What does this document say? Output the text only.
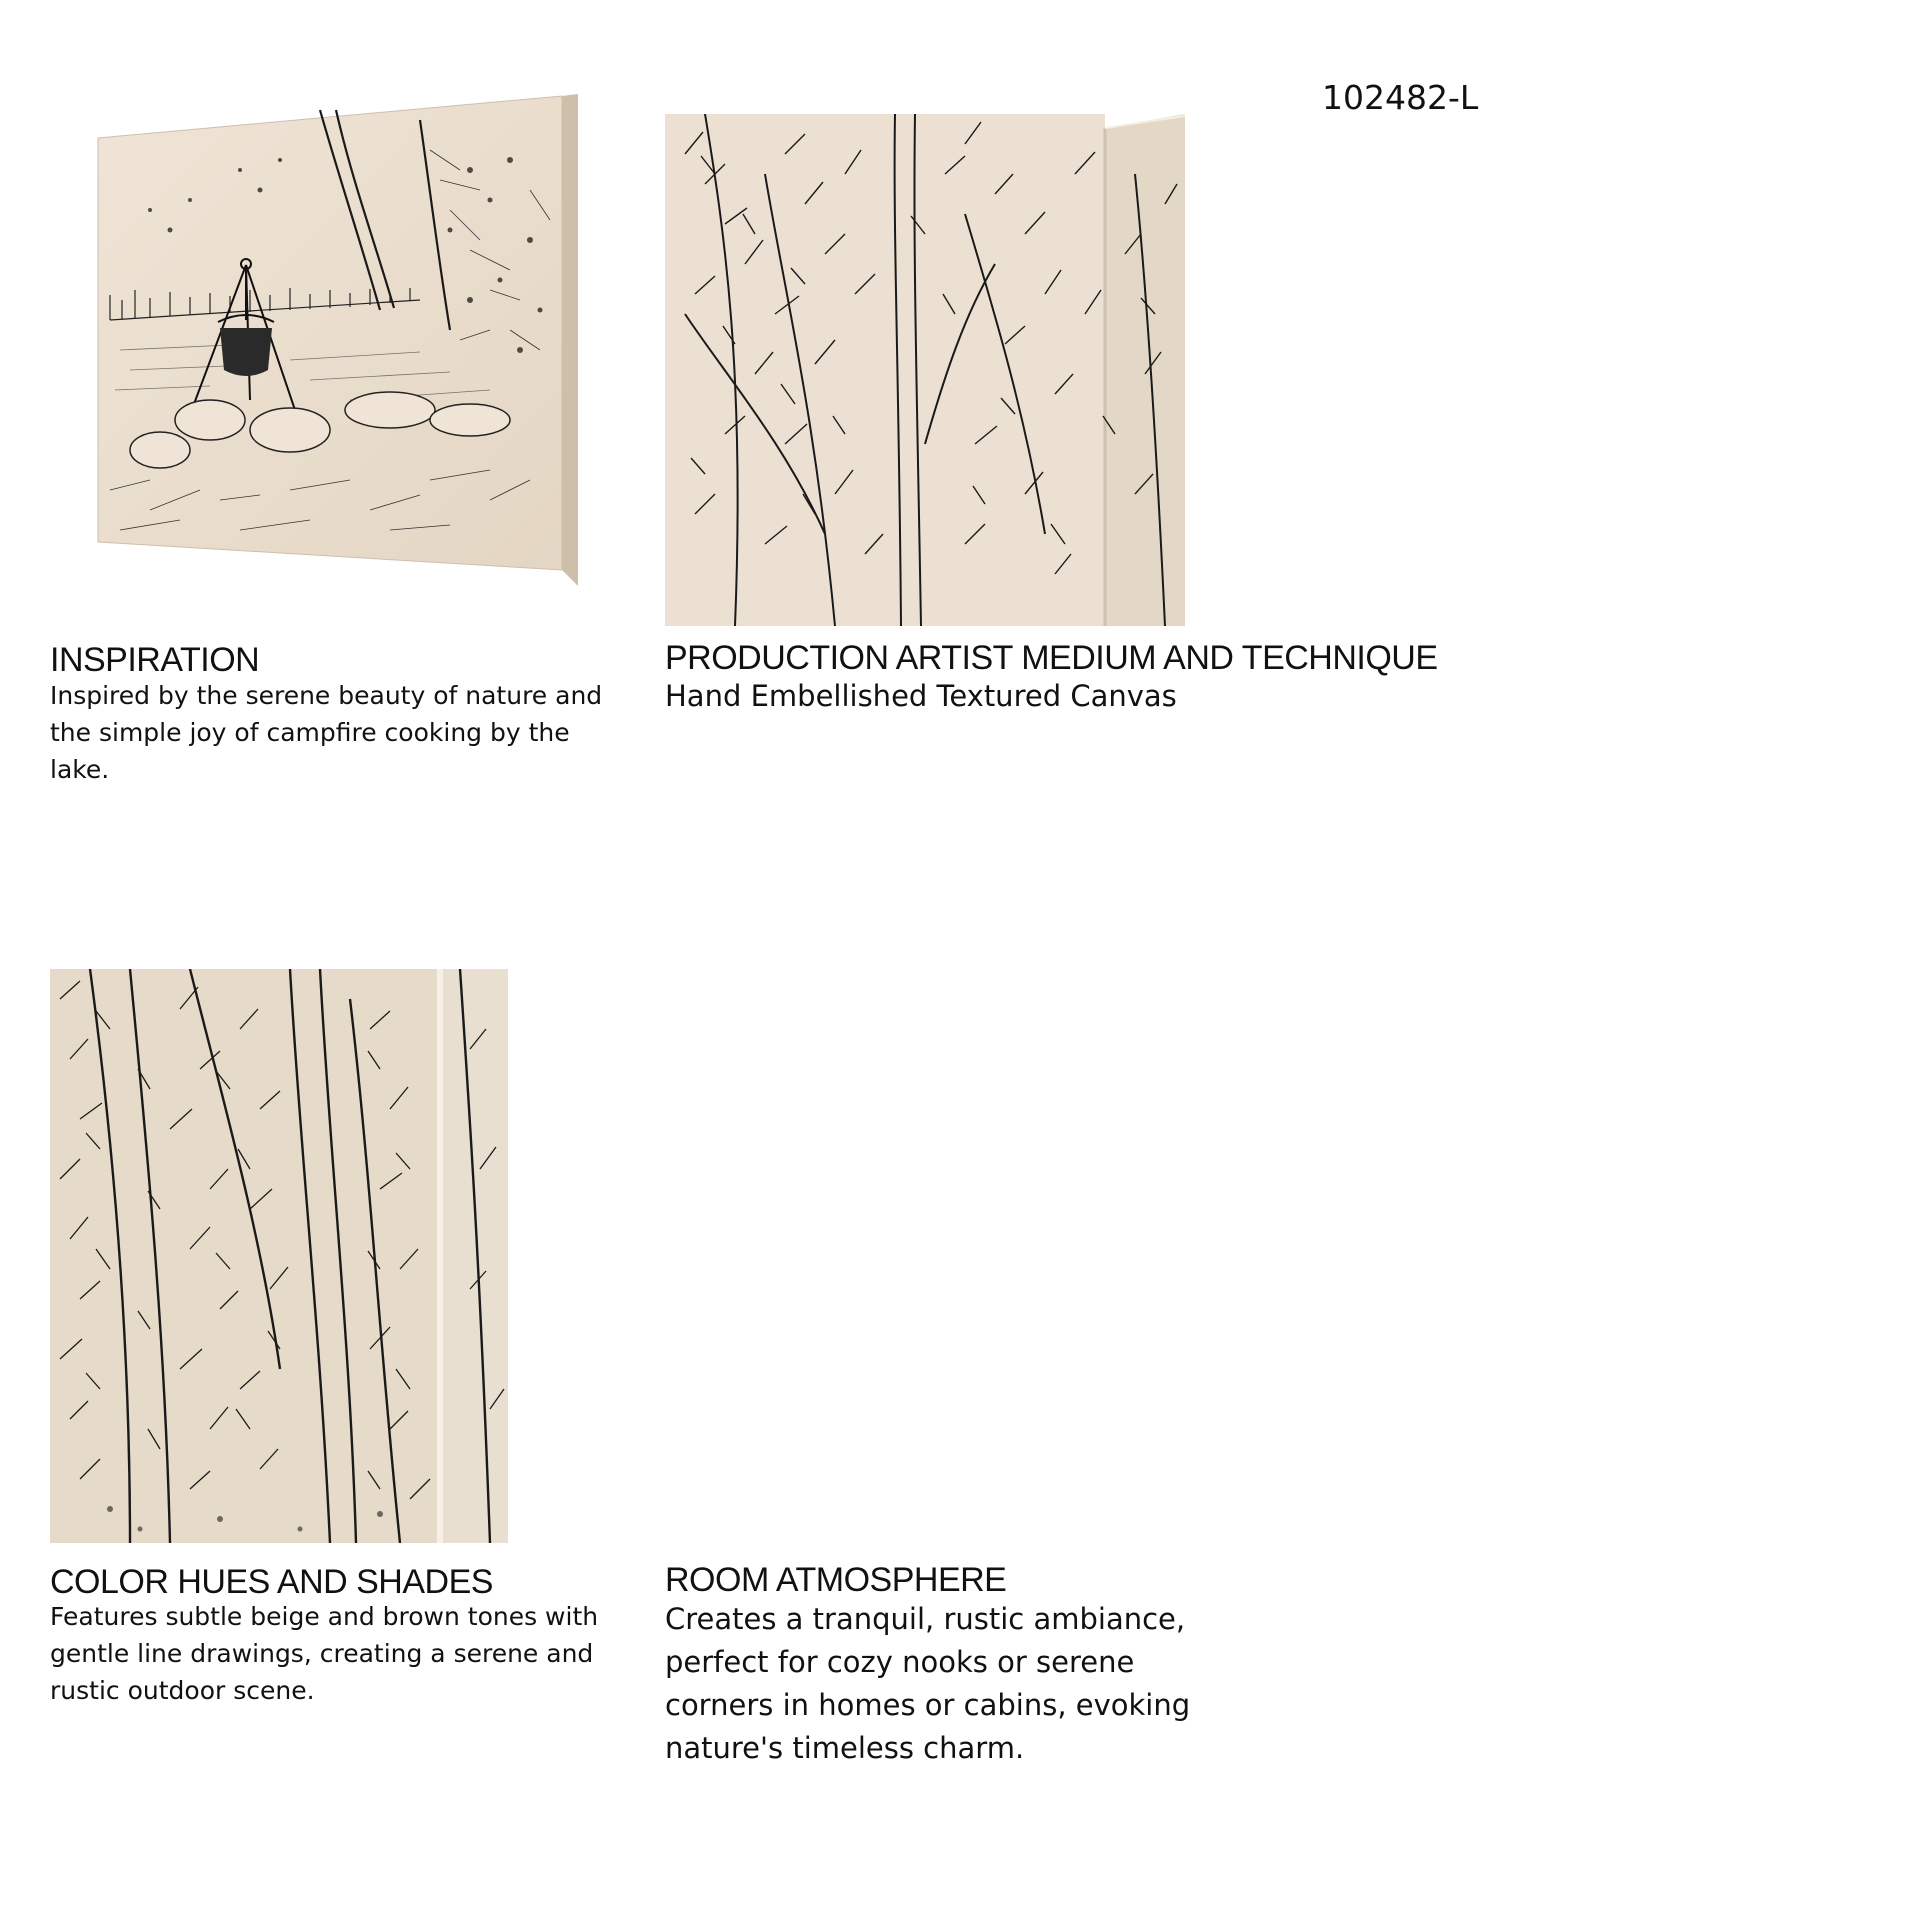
102482-L
INSPIRATION
Inspired by the serene beauty of nature and the simple joy of campfire cooking by the lake.
PRODUCTION ARTIST MEDIUM AND TECHNIQUE
Hand Embellished Textured Canvas
COLOR HUES AND SHADES
Features subtle beige and brown tones with gentle line drawings, creating a serene and rustic outdoor scene.
ROOM ATMOSPHERE
Creates a tranquil, rustic ambiance, perfect for cozy nooks or serene corners in homes or cabins, evoking nature's timeless charm.
